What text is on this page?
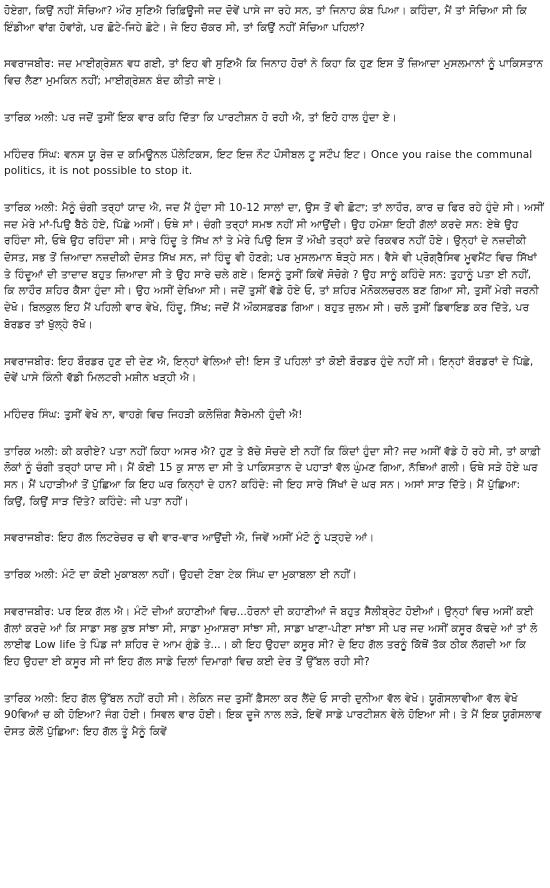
ਹੋਏਗਾ, ਕਿਉਂ ਨਹੀਂ ਸੋਚਿਆ? ਔਰ ਸੁਣਿਐ ਰਿਫ਼ਿਊਜੀ ਜਦ ਦੋਵੇਂ ਪਾਸੇ ਜਾ ਰਹੇ ਸਨ, ਤਾਂ ਜਿਨਾਹ ਕੰਬ ਪਿਆ। ਕਹਿੰਦਾ, ਮੈਂ ਤਾਂ ਸੋਚਿਆ ਸੀ ਕਿ ਇੰਡੀਆ ਵਾਂਗ ਹੋਵਾਂਗੇ, ਪਰ ਛੋਟੇ-ਜਿਹੇ ਛੋਟੇ। ਜੇ ਇਹ ਚੱਕਰ ਸੀ, ਤਾਂ ਕਿਉਂ ਨਹੀਂ ਸੋਚਿਆ ਪਹਿਲਾਂ?

ਸਵਰਾਜਬੀਰ: ਜਦ ਮਾਈਗ੍ਰੇਸ਼ਨ ਵਧ ਗਈ, ਤਾਂ ਇਹ ਵੀ ਸੁਣਿਐ ਕਿ ਜਿਨਾਹ ਹੋਰਾਂ ਨੇ ਕਿਹਾ ਕਿ ਹੁਣ ਇਸ ਤੋਂ ਜ਼ਿਆਦਾ ਮੁਸਲਮਾਨਾਂ ਨੂੰ ਪਾਕਿਸਤਾਨ ਵਿਚ ਲੈਣਾ ਮੁਮਕਿਨ ਨਹੀਂ; ਮਾਈਗ੍ਰੇਸ਼ਨ ਬੰਦ ਕੀਤੀ ਜਾਏ।

ਤਾਰਿਕ ਅਲੀ: ਪਰ ਜਦੋਂ ਤੁਸੀਂ ਇਕ ਵਾਰ ਕਹਿ ਦਿੱਤਾ ਕਿ ਪਾਰਟੀਸ਼ਨ ਹੋ ਰਹੀ ਐ, ਤਾਂ ਇਹੋ ਹਾਲ ਹੁੰਦਾ ਏ।

ਮਹਿੰਦਰ ਸਿੰਘ: ਵਨਸ ਯੂ ਰੇਜ਼ ਦ ਕਮਿਊਨਲ ਪੌਲੇਟਿਕਸ, ਇਟ ਇਜ਼ ਨੌਟ ਪੌਸੀਬਲ ਟੂ ਸਟੌਪ ਇਟ। Once you raise the communal politics, it is not possible to stop it.

ਤਾਰਿਕ ਅਲੀ: ਮੈਨੂੰ ਚੰਗੀ ਤਰ੍ਹਾਂ ਯਾਦ ਐ, ਜਦ ਮੈਂ ਹੁੰਦਾ ਸੀ 10-12 ਸਾਲਾਂ ਦਾ, ਉਸ ਤੋਂ ਵੀ ਛੋਟਾ; ਤਾਂ ਲਾਹੌਰ, ਕਾਰ ਚ ਫਿਰ ਰਹੇ ਹੁੰਦੇ ਸੀ। ਅਸੀਂ ਜਦ ਮੇਰੇ ਮਾਂ-ਪਿਉ ਬੈਠੇ ਹੋਏ, ਪਿੱਛੇ ਅਸੀਂ। ਓਥੇ ਸਾਂ। ਚੰਗੀ ਤਰ੍ਹਾਂ ਸਮਝ ਨਹੀਂ ਸੀ ਆਉਂਦੀ। ਉਹ ਹਮੇਸ਼ਾ ਇਹੀ ਗੱਲਾਂ ਕਰਦੇ ਸਨ: ਏਥੇ ਉਹ ਰਹਿੰਦਾ ਸੀ, ਓਥੇ ਉਹ ਰਹਿੰਦਾ ਸੀ। ਸਾਰੇ ਹਿੰਦੂ ਤੇ ਸਿੱਖ ਨਾਂ ਤੇ ਮੇਰੇ ਪਿਉ ਇਸ ਤੋਂ ਔਖੀ ਤਰ੍ਹਾਂ ਕਦੇ ਰਿਕਵਰ ਨਹੀਂ ਹੋਏ। ਉਨ੍ਹਾਂ ਦੇ ਨਜ਼ਦੀਕੀ ਦੋਸਤ, ਸਭ ਤੋਂ ਜ਼ਿਆਦਾ ਨਜ਼ਦੀਕੀ ਦੋਸਤ ਸਿੱਖ ਸਨ, ਜਾਂ ਹਿੰਦੂ ਵੀ ਹੋਣਗੇ; ਪਰ ਮੁਸਲਮਾਨ ਥੋੜ੍ਹੇ ਸਨ। ਵੈਸੇ ਵੀ ਪ੍ਰੋਗ੍ਰੈਸਿਵ ਮੂਵਮੈਂਟ ਵਿਚ ਸਿੱਖਾਂ ਤੇ ਹਿੰਦੂਆਂ ਦੀ ਤਾਦਾਦ ਬਹੁਤ ਜ਼ਿਆਦਾ ਸੀ ਤੇ ਉਹ ਸਾਰੇ ਚਲੇ ਗਏ। ਇਸਨੂੰ ਤੁਸੀਂ ਕਿਵੇਂ ਸੋਚੋਗੇ ? ਉਹ ਸਾਨੂੰ ਕਹਿੰਦੇ ਸਨ: ਤੁਹਾਨੂੰ ਪਤਾ ਈ ਨਹੀਂ, ਕਿ ਲਾਹੌਰ ਸ਼ਹਿਰ ਕੈਸਾ ਹੁੰਦਾ ਸੀ। ਉਹ ਅਸੀਂ ਦੇਖਿਆ ਸੀ। ਜਦੋਂ ਤੁਸੀਂ ਵੱਡੇ ਹੋਏ ਓ, ਤਾਂ ਸ਼ਹਿਰ ਮੋਨੋਕਲਚਰਲ ਬਣ ਗਿਆ ਸੀ, ਤੁਸੀਂ ਮੇਰੀ ਜਰਨੀ ਦੇਖੋ। ਬਿਲਕੁਲ ਇਹ ਮੈਂ ਪਹਿਲੀ ਵਾਰ ਵੇਖੇ, ਹਿੰਦੂ, ਸਿੱਖ; ਜਦੋਂ ਮੈਂ ਔਕਸਫ਼ਰਡ ਗਿਆ। ਬਹੁਤ ਜ਼ੁਲਮ ਸੀ। ਚਲੋ ਤੁਸੀਂ ਡਿਵਾਇਡ ਕਰ ਦਿੱਤੇ, ਪਰ ਬੋਰਡਰ ਤਾਂ ਖੁੱਲ੍ਹੇ ਰੱਖੋ।

ਸਵਰਾਜਬੀਰ: ਇਹ ਬੌਰਡਰ ਹੁਣ ਦੀ ਦੇਣ ਐ, ਇਨ੍ਹਾਂ ਵੇਲਿਆਂ ਦੀ! ਇਸ ਤੋਂ ਪਹਿਲਾਂ ਤਾਂ ਕੋਈ ਬੌਰਡਰ ਹੁੰਦੇ ਨਹੀਂ ਸੀ। ਇਨ੍ਹਾਂ ਬੌਰਡਰਾਂ ਦੇ ਪਿੱਛੇ, ਦੋਵੇਂ ਪਾਸੇ ਕਿੰਨੀ ਵੱਡੀ ਮਿਲਟਰੀ ਮਸ਼ੀਨ ਖੜ੍ਹੀ ਐ।

ਮਹਿੰਦਰ ਸਿੰਘ: ਤੁਸੀਂ ਵੇਖੋ ਨਾ, ਵਾਹਗੇ ਵਿਚ ਜਿਹੜੀ ਕਲੋਜ਼ਿੰਗ ਸੈਰੇਮਨੀ ਹੁੰਦੀ ਐ!

ਤਾਰਿਕ ਅਲੀ: ਕੀ ਕਰੀਏ? ਪਤਾ ਨਹੀਂ ਕਿਹਾ ਅਸਰ ਐ? ਹੁਣ ਤੇ ਬੱਚੇ ਸੋਚਦੇ ਈ ਨਹੀਂ ਕਿ ਕਿੰਦਾਂ ਹੁੰਦਾ ਸੀ? ਜਦ ਅਸੀਂ ਵੱਡੇ ਹੋ ਰਹੇ ਸੀ, ਤਾਂ ਕਾਫ਼ੀ ਲੋਕਾਂ ਨੂੰ ਚੰਗੀ ਤਰ੍ਹਾਂ ਯਾਦ ਸੀ। ਮੈਂ ਕੋਈ 15 ਕੁ ਸਾਲ ਦਾ ਸੀ ਤੇ ਪਾਕਿਸਤਾਨ ਦੇ ਪਹਾੜਾਂ ਵੱਲ ਘੁੰਮਣ ਗਿਆ, ਨੱਥਿਆਂ ਗਲੀ। ਓਥੇ ਸੜੇ ਹੋਏ ਘਰ ਸਨ। ਮੈਂ ਪਹਾੜੀਆਂ ਤੋਂ ਪੁੱਛਿਆ ਕਿ ਇਹ ਘਰ ਕਿਨ੍ਹਾਂ ਦੇ ਹਨ? ਕਹਿੰਦੇ: ਜੀ ਇਹ ਸਾਰੇ ਸਿੱਖਾਂ ਦੇ ਘਰ ਸਨ। ਅਸਾਂ ਸਾੜ ਦਿੱਤੇ। ਮੈਂ ਪੁੱਛਿਆ: ਕਿਉਂ, ਕਿਉਂ ਸਾੜ ਦਿੱਤੇ? ਕਹਿੰਦੇ: ਜੀ ਪਤਾ ਨਹੀਂ।

ਸਵਰਾਜਬੀਰ: ਇਹ ਗੱਲ ਲਿਟਰੇਚਰ ਚ ਵੀ ਵਾਰ-ਵਾਰ ਆਉਂਦੀ ਐ, ਜਿਵੇਂ ਅਸੀਂ ਮੰਟੋ ਨੂੰ ਪੜ੍ਹਦੇ ਆਂ।

ਤਾਰਿਕ ਅਲੀ: ਮੰਟੋ ਦਾ ਕੋਈ ਮੁਕਾਬਲਾ ਨਹੀਂ। ਉਹਦੀ ਟੋਬਾ ਟੇਕ ਸਿੰਘ ਦਾ ਮੁਕਾਬਲਾ ਈ ਨਹੀਂ।

ਸਵਰਾਜਬੀਰ: ਪਰ ਇਕ ਗੱਲ ਐ। ਮੰਟੋ ਦੀਆਂ ਕਹਾਣੀਆਂ ਵਿਚ...ਹੋਰਨਾਂ ਦੀ ਕਹਾਣੀਆਂ ਜੋ ਬਹੁਤ ਸੈਲੀਬ੍ਰੇਟ ਹੋਈਆਂ। ਉਨ੍ਹਾਂ ਵਿਚ ਅਸੀਂ ਕਈ ਗੱਲਾਂ ਕਰਦੇ ਆਂ ਕਿ ਸਾਡਾ ਸਭ ਕੁਝ ਸਾਂਝਾ ਸੀ, ਸਾਡਾ ਮੁਆਸ਼ਰਾ ਸਾਂਝਾ ਸੀ, ਸਾਡਾ ਖਾਣਾ-ਪੀਣਾ ਸਾਂਝਾ ਸੀ ਪਰ ਜਦ ਅਸੀਂ ਕਸੂਰ ਕੱਢਦੇ ਆਂ ਤਾਂ ਲੋ ਲਾਈਫ Low life ਤੇ ਪਿੰਡ ਜਾਂ ਸ਼ਹਿਰ ਦੇ ਆਮ ਗੁੰਡੇ ਤੇ...। ਕੀ ਇਹ ਉਹਦਾ ਕਸੂਰ ਸੀ? ਦੇ ਇਹ ਗੱਲ ਤਰਨੂੰ ਕਿੱਥੋਂ ਤੱਕ ਠੀਕ ਲੱਗਦੀ ਆ ਕਿ ਇਹ ਉਹਦਾ ਈ ਕਸੂਰ ਸੀ ਜਾਂ ਇਹ ਗੱਲ ਸਾਡੇ ਦਿਲਾਂ ਦਿਮਾਗਾਂ ਵਿਚ ਕਈ ਦੇਰ ਤੋਂ ਉੱਬਲ ਰਹੀ ਸੀ?

ਤਾਰਿਕ ਅਲੀ: ਇਹ ਗੱਲ ਉੱਬਲ ਨਹੀਂ ਰਹੀ ਸੀ। ਲੇਕਿਨ ਜਦ ਤੁਸੀਂ ਫ਼ੈਸਲਾ ਕਰ ਲੈਂਦੇ ਓ ਸਾਰੀ ਦੁਨੀਆ ਵੱਲ ਵੇਖੋ। ਯੂਗੋਸਲਾਵੀਆ ਵੱਲ ਵੇਖੋ 90ਵਿਆਂ ਚ ਕੀ ਹੋਇਆ? ਜੰਗ ਹੋਈ। ਸਿਵਲ ਵਾਰ ਹੋਈ। ਇਕ ਦੂਜੇ ਨਾਲ ਲੜੇ, ਇਵੇਂ ਸਾਡੇ ਪਾਰਟੀਸ਼ਨ ਵੇਲੇ ਹੋਇਆ ਸੀ। ਤੇ ਮੈਂ ਇਕ ਯੂਗੋਸਲਾਵ ਦੋਸਤ ਕੋਲੋਂ ਪੁੱਛਿਆ: ਇਹ ਗੱਲ ਤੂੰ ਮੈਨੂੰ ਕਿਵੇਂ
